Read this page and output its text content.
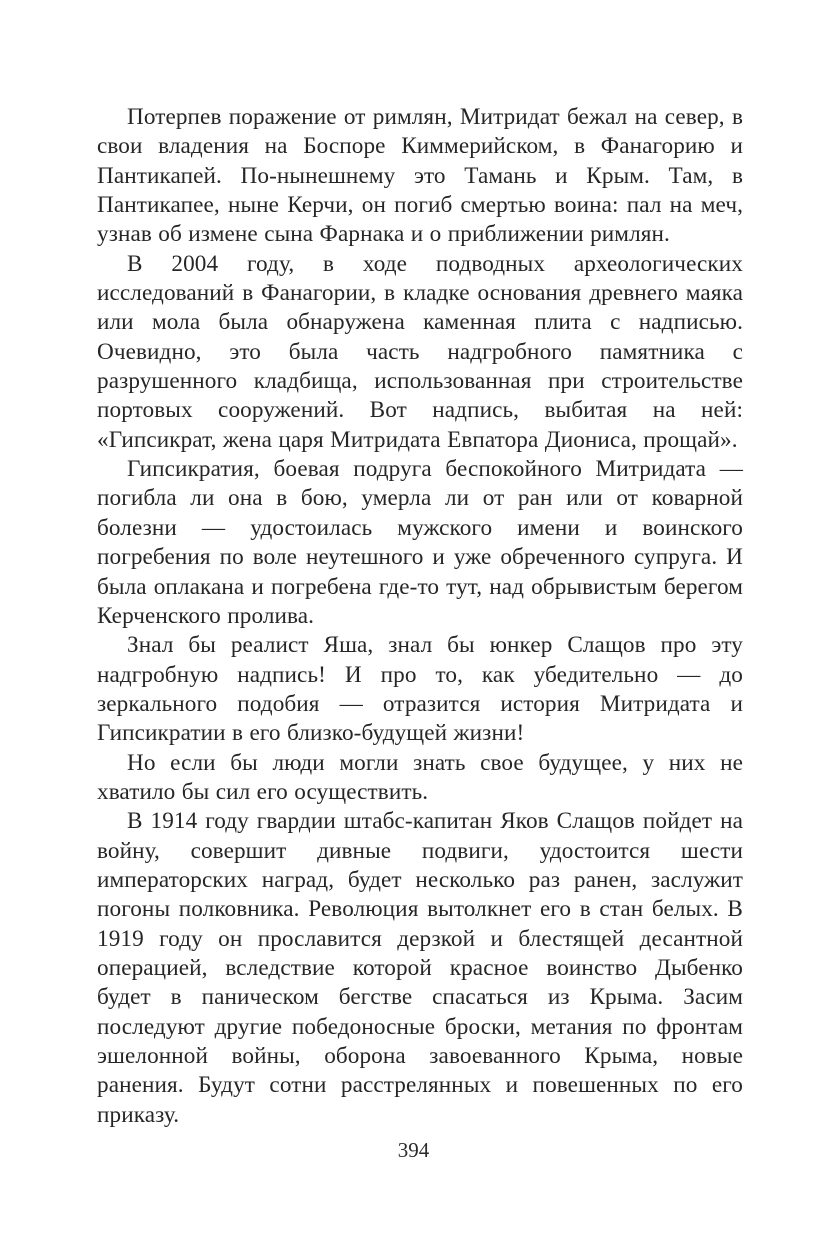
Потерпев поражение от римлян, Митридат бежал на север, в свои владения на Боспоре Киммерийском, в Фанагорию и Пантикапей. По-нынешнему это Тамань и Крым. Там, в Пантикапее, ныне Керчи, он погиб смертью воина: пал на меч, узнав об измене сына Фарнака и о приближении римлян.

В 2004 году, в ходе подводных археологических исследований в Фанагории, в кладке основания древнего маяка или мола была обнаружена каменная плита с надписью. Очевидно, это была часть надгробного памятника с разрушенного кладбища, использованная при строительстве портовых сооружений. Вот надпись, выбитая на ней: «Гипсикрат, жена царя Митридата Евпатора Диониса, прощай».

Гипсикратия, боевая подруга беспокойного Митридата — погибла ли она в бою, умерла ли от ран или от коварной болезни — удостоилась мужского имени и воинского погребения по воле неутешного и уже обреченного супруга. И была оплакана и погребена где-то тут, над обрывистым берегом Керченского пролива.

Знал бы реалист Яша, знал бы юнкер Слащов про эту надгробную надпись! И про то, как убедительно — до зеркального подобия — отразится история Митридата и Гипсикратии в его близко-будущей жизни!

Но если бы люди могли знать свое будущее, у них не хватило бы сил его осуществить.

В 1914 году гвардии штабс-капитан Яков Слащов пойдет на войну, совершит дивные подвиги, удостоится шести императорских наград, будет несколько раз ранен, заслужит погоны полковника. Революция вытолкнет его в стан белых. В 1919 году он прославится дерзкой и блестящей десантной операцией, вследствие которой красное воинство Дыбенко будет в паническом бегстве спасаться из Крыма. Засим последуют другие победоносные броски, метания по фронтам эшелонной войны, оборона завоеванного Крыма, новые ранения. Будут сотни расстрелянных и повешенных по его приказу.

394
